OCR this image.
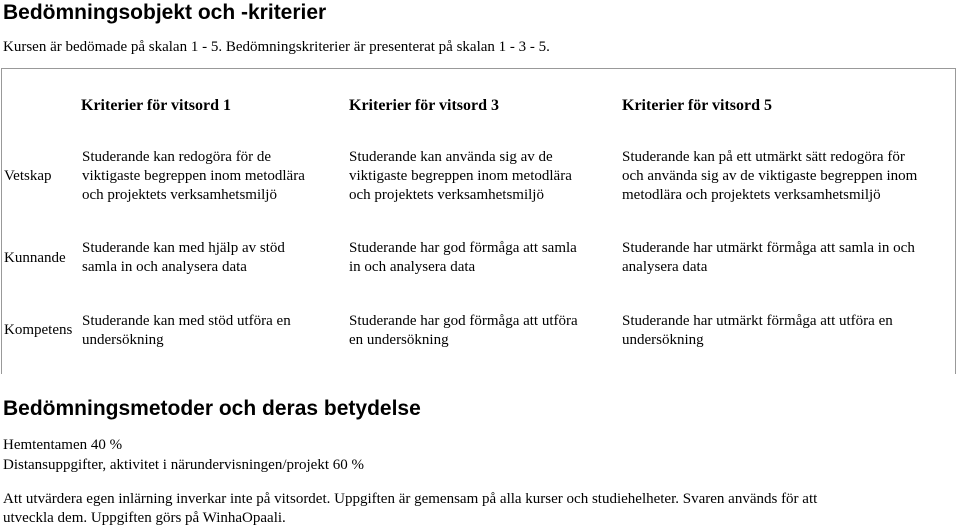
Bedömningsobjekt och -kriterier

Kursen är bedömade på skalan 1 - 5. Bedömningskriterier är presenterat på skalan 1 - 3 - 5.

Kriterier för vitsord 1	Kriterier för vitsord 3	Kriterier för vitsord 5
Vetskap
Studerande kan redogöra för de
viktigaste begreppen inom metodlära
och projektets verksamhetsmiljö
Studerande kan använda sig av de
viktigaste begreppen inom metodlära
och projektets verksamhetsmiljö
Studerande kan på ett utmärkt sätt redogöra för
och använda sig av de viktigaste begreppen inom
metodlära och projektets verksamhetsmiljö
Kunnande
Studerande kan med hjälp av stöd
samla in och analysera data
Studerande har god förmåga att samla
in och analysera data
Studerande har utmärkt förmåga att samla in och
analysera data
Kompetens
Studerande kan med stöd utföra en
undersökning
Studerande har god förmåga att utföra
en undersökning
Studerande har utmärkt förmåga att utföra en
undersökning
Bedömningsmetoder och deras betydelse

Hemtentamen 40 %

Distansuppgifter, aktivitet i närundervisningen/projekt 60 %

Att utvärdera egen inlärning inverkar inte på vitsordet. Uppgiften är gemensam på alla kurser och studiehelheter. Svaren används för att

utveckla dem. Uppgiften görs på WinhaOpaali.
